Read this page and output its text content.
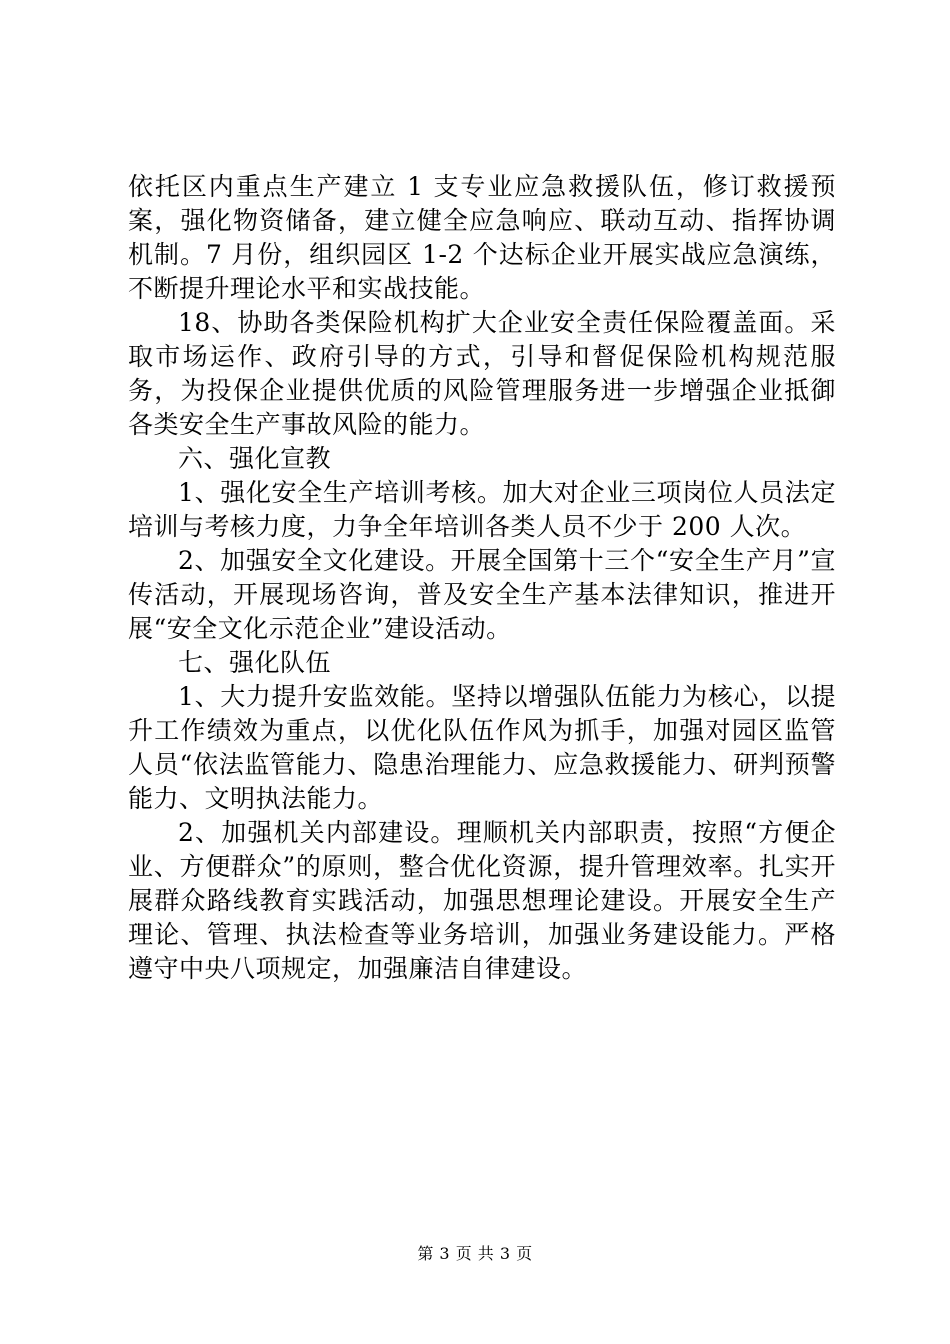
依托区内重点生产建立 1 支专业应急救援队伍，修订救援预案，强化物资储备，建立健全应急响应、联动互动、指挥协调机制。7 月份，组织园区 1-2 个达标企业开展实战应急演练，不断提升理论水平和实战技能。

18、协助各类保险机构扩大企业安全责任保险覆盖面。采取市场运作、政府引导的方式，引导和督促保险机构规范服务，为投保企业提供优质的风险管理服务进一步增强企业抵御各类安全生产事故风险的能力。

六、强化宣教

1、强化安全生产培训考核。加大对企业三项岗位人员法定培训与考核力度，力争全年培训各类人员不少于 200 人次。

2、加强安全文化建设。开展全国第十三个“安全生产月”宣传活动，开展现场咨询，普及安全生产基本法律知识，推进开展“安全文化示范企业”建设活动。

七、强化队伍

1、大力提升安监效能。坚持以增强队伍能力为核心，以提升工作绩效为重点，以优化队伍作风为抓手，加强对园区监管人员“依法监管能力、隐患治理能力、应急救援能力、研判预警能力、文明执法能力。

2、加强机关内部建设。理顺机关内部职责，按照“方便企业、方便群众”的原则，整合优化资源，提升管理效率。扎实开展群众路线教育实践活动，加强思想理论建设。开展安全生产理论、管理、执法检查等业务培训，加强业务建设能力。严格遵守中央八项规定，加强廉洁自律建设。

第 3 页 共 3 页
